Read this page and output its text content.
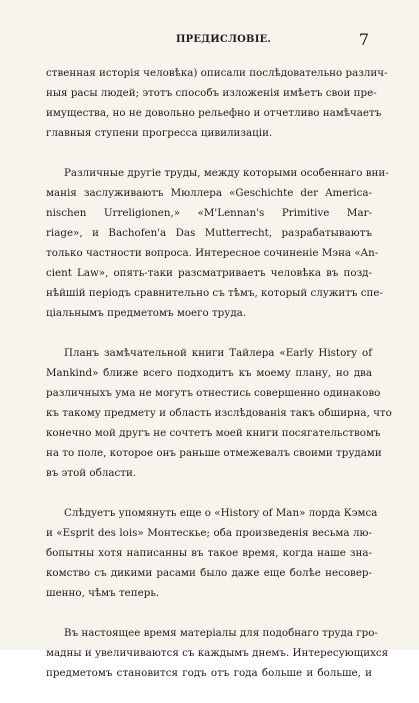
ПРЕДИСЛОВІЕ.	7
ственная исторія человѣка) описали послѣдовательно различ-
ныя расы людей; этотъ способъ изложенія имѣетъ свои пре-
имущества, но не довольно рельефно и отчетливо намѣчаетъ
главныя ступени прогресса цивилизаціи.
Различные другіе труды, между которыми особеннаго вни-
манія заслуживаютъ Мюллера «Geschichte der America-
nischen Urreligionen,» «M'Lennan's Primitive Mar-
riage», и Bachofen'a Das Mutterrecht, разрабатываютъ
только частности вопроса. Интересное сочиненіе Мэна «An-
cient Law», опять-таки разсматриваетъ человѣка въ позд-
нѣйшій періодъ сравнительно съ тѣмъ, который служитъ спе-
ціальнымъ предметомъ моего труда.
Планъ замѣчательной книги Тайлера «Early History of
Mankind» ближе всего подходитъ къ моему плану, но два
различныхъ ума не могутъ отнестись совершенно одинаково
къ такому предмету и область изслѣдованія такъ обширна, что
конечно мой другъ не сочтетъ моей книги посягательствомъ
на то поле, которое онъ раньше отмежевалъ своими трудами
въ этой области.
Слѣдуетъ упомянуть еще о «History of Man» лорда Кэмса
и «Esprit des lois» Монтескье; оба произведенія весьма лю-
бопытны хотя написанны въ такое время, когда наше зна-
комство съ дикими расами было даже еще болѣе несовер-
шенно, чѣмъ теперь.
Въ настоящее время матеріалы для подобнаго труда гро-
мадны и увеличиваются съ каждымъ днемъ. Интересующихся
предметомъ становится годъ отъ года больше и больше, и
